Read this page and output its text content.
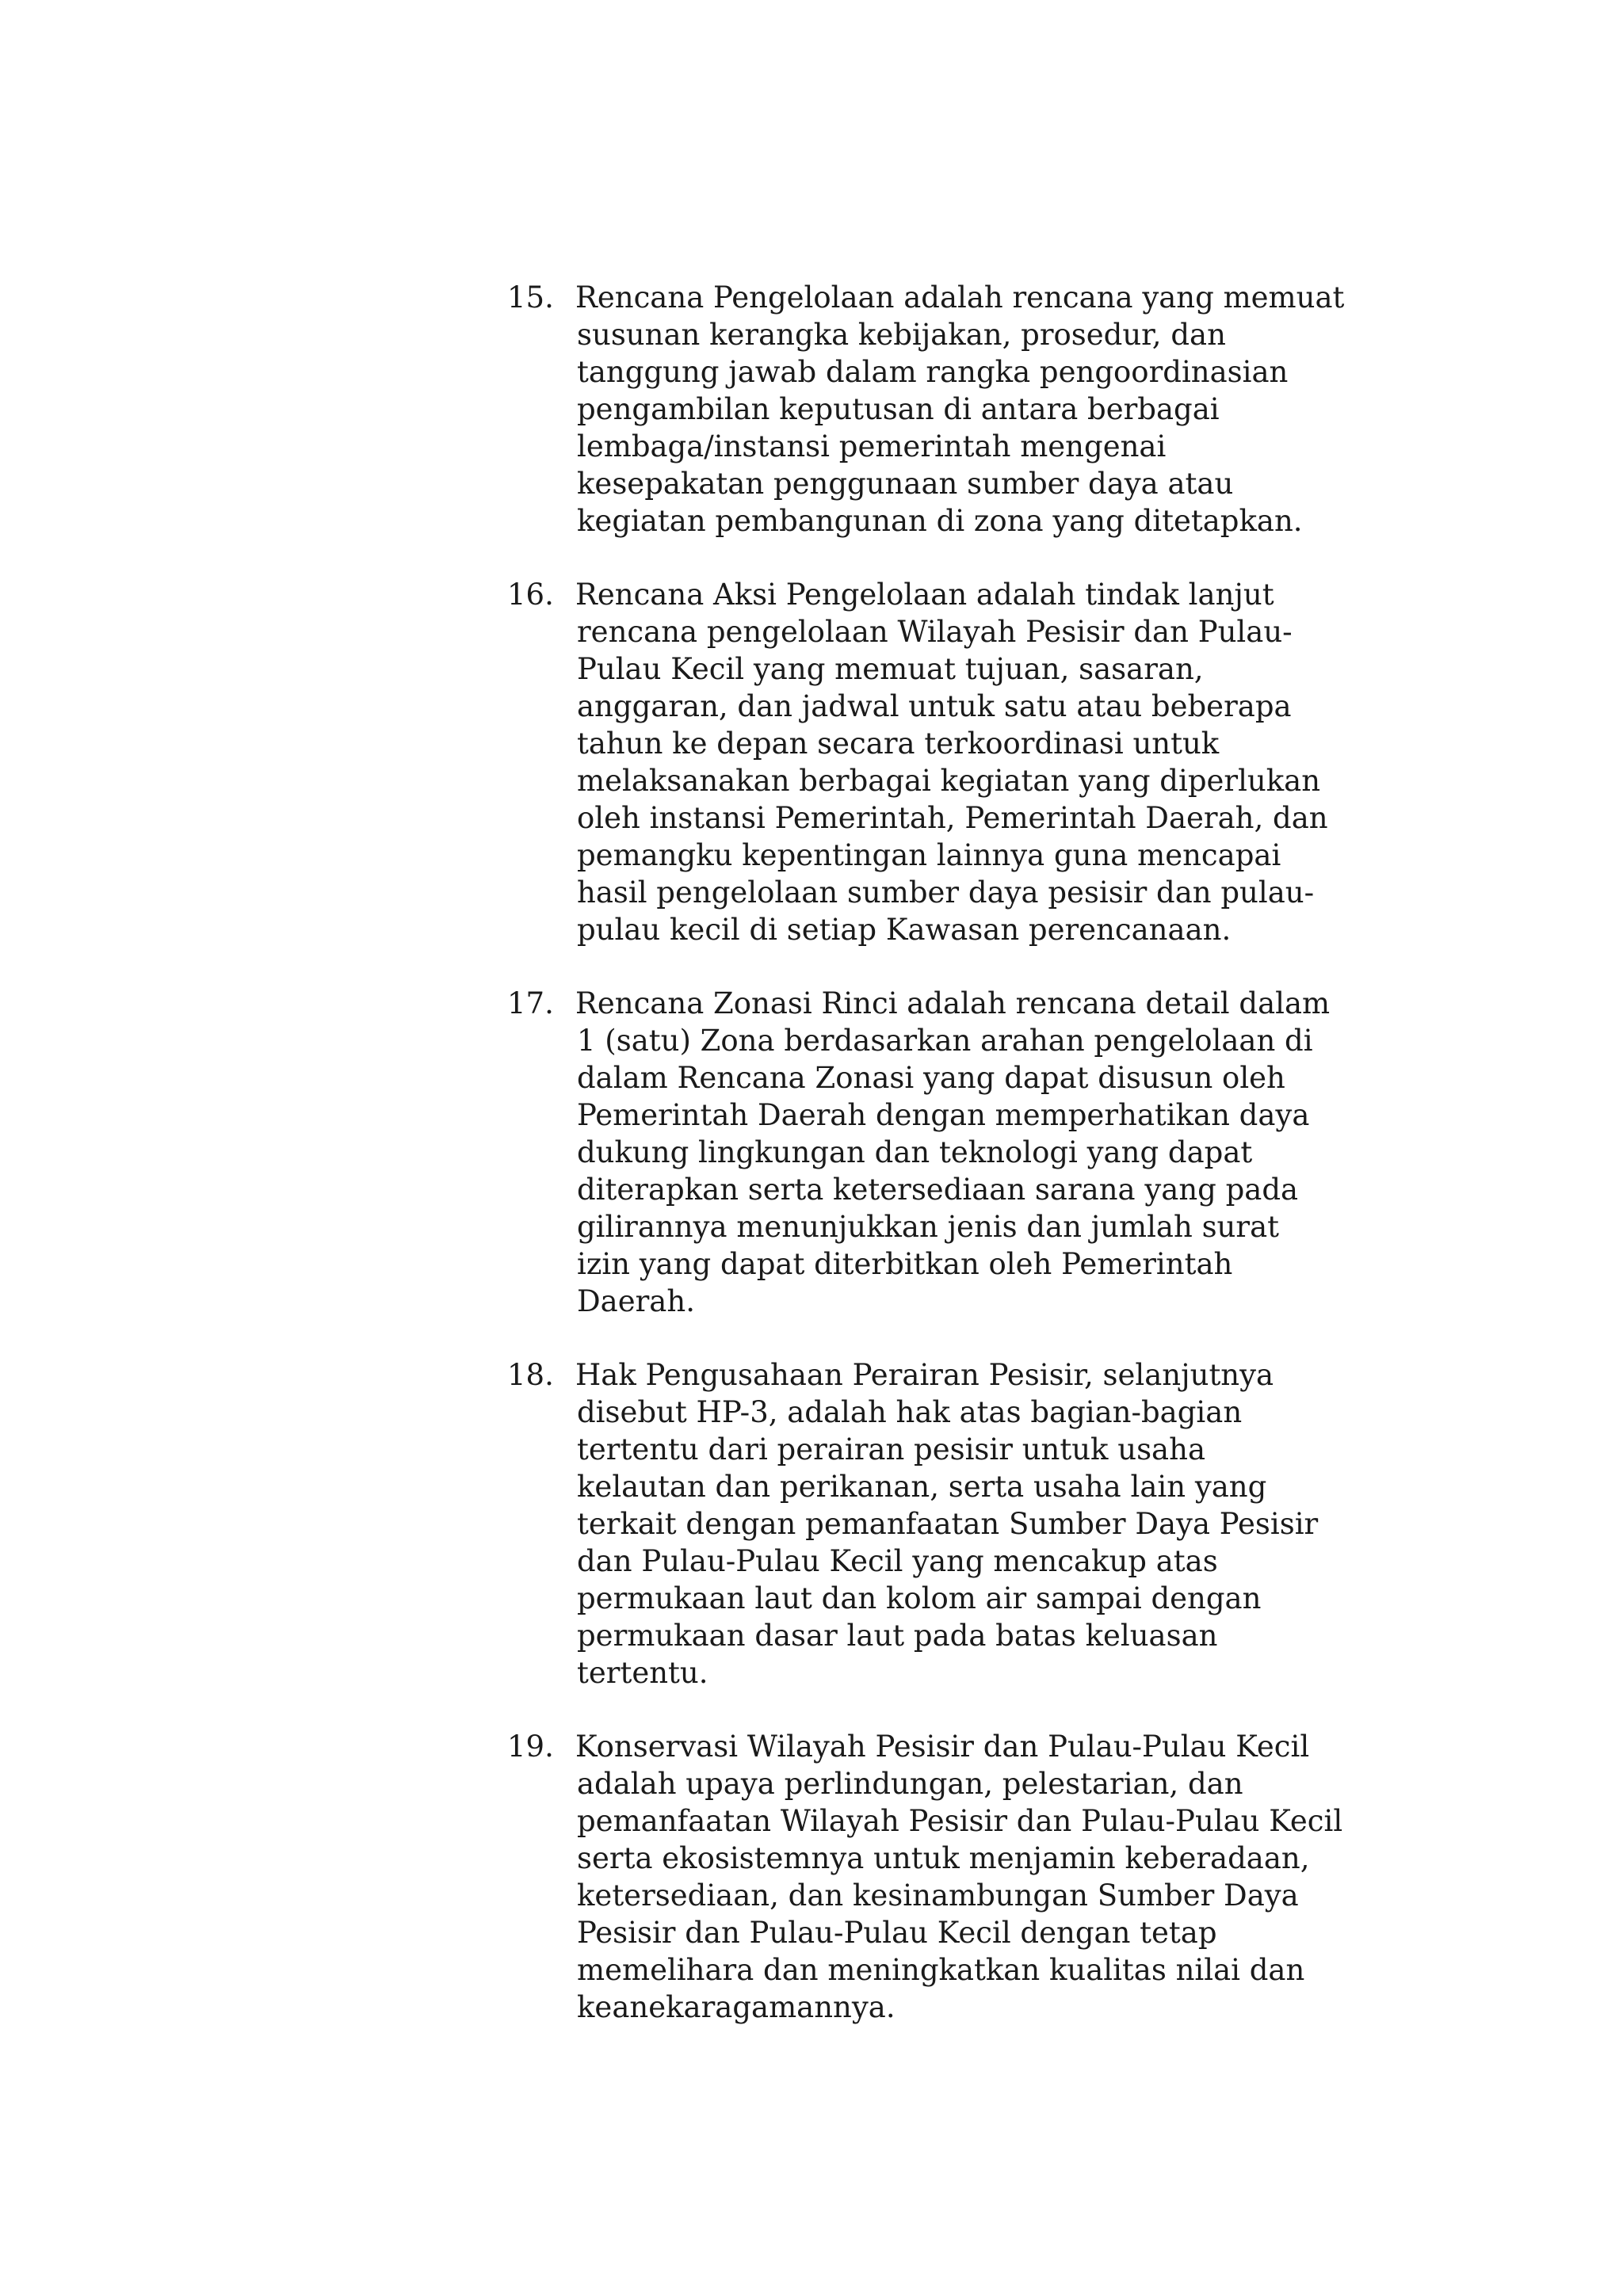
15. Rencana Pengelolaan adalah rencana yang memuat
susunan kerangka kebijakan, prosedur, dan
tanggung jawab dalam rangka pengoordinasian
pengambilan keputusan di antara berbagai
lembaga/instansi pemerintah mengenai
kesepakatan penggunaan sumber daya atau
kegiatan pembangunan di zona yang ditetapkan.
16. Rencana Aksi Pengelolaan adalah tindak lanjut
rencana pengelolaan Wilayah Pesisir dan Pulau-
Pulau Kecil yang memuat tujuan, sasaran,
anggaran, dan jadwal untuk satu atau beberapa
tahun ke depan secara terkoordinasi untuk
melaksanakan berbagai kegiatan yang diperlukan
oleh instansi Pemerintah, Pemerintah Daerah, dan
pemangku kepentingan lainnya guna mencapai
hasil pengelolaan sumber daya pesisir dan pulau-
pulau kecil di setiap Kawasan perencanaan.
17. Rencana Zonasi Rinci adalah rencana detail dalam
1 (satu) Zona berdasarkan arahan pengelolaan di
dalam Rencana Zonasi yang dapat disusun oleh
Pemerintah Daerah dengan memperhatikan daya
dukung lingkungan dan teknologi yang dapat
diterapkan serta ketersediaan sarana yang pada
gilirannya menunjukkan jenis dan jumlah surat
izin yang dapat diterbitkan oleh Pemerintah
Daerah.
18. Hak Pengusahaan Perairan Pesisir, selanjutnya
disebut HP-3, adalah hak atas bagian-bagian
tertentu dari perairan pesisir untuk usaha
kelautan dan perikanan, serta usaha lain yang
terkait dengan pemanfaatan Sumber Daya Pesisir
dan Pulau-Pulau Kecil yang mencakup atas
permukaan laut dan kolom air sampai dengan
permukaan dasar laut pada batas keluasan
tertentu.
19. Konservasi Wilayah Pesisir dan Pulau-Pulau Kecil
adalah upaya perlindungan, pelestarian, dan
pemanfaatan Wilayah Pesisir dan Pulau-Pulau Kecil
serta ekosistemnya untuk menjamin keberadaan,
ketersediaan, dan kesinambungan Sumber Daya
Pesisir dan Pulau-Pulau Kecil dengan tetap
memelihara dan meningkatkan kualitas nilai dan
keanekaragamannya.
